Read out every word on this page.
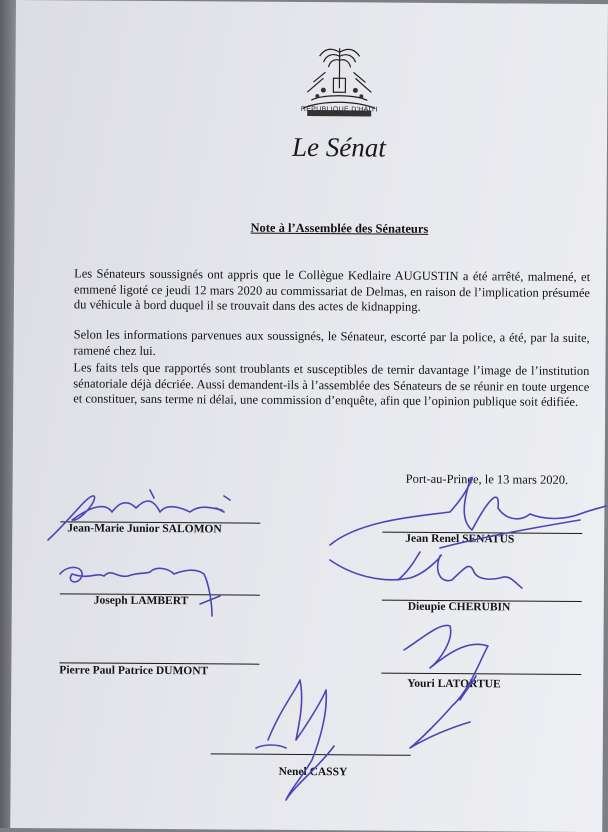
RÉPUBLIQUE D'HAÏTI
Le Sénat
Note à l’Assemblée des Sénateurs
Les Sénateurs soussignés ont appris que le Collègue Kedlaire AUGUSTIN a été arrêté, malmené, et emmené ligoté ce jeudi 12 mars 2020 au commissariat de Delmas, en raison de l’implication présumée du véhicule à bord duquel il se trouvait dans des actes de kidnapping.
Selon les informations parvenues aux soussignés, le Sénateur, escorté par la police, a été, par la suite, ramené chez lui.
Les faits tels que rapportés sont troublants et susceptibles de ternir davantage l’image de l’institution sénatoriale déjà décriée. Aussi demandent-ils à l’assemblée des Sénateurs de se réunir en toute urgence et constituer, sans terme ni délai, une commission d’enquête, afin que l’opinion publique soit édifiée.
Port-au-Prince, le 13 mars 2020.
Jean-Marie Junior SALOMON
Jean Renel SENATUS
Joseph LAMBERT	Dieupie CHERUBIN
Pierre Paul Patrice DUMONT
Youri LATORTUE
Nenel CASSY
